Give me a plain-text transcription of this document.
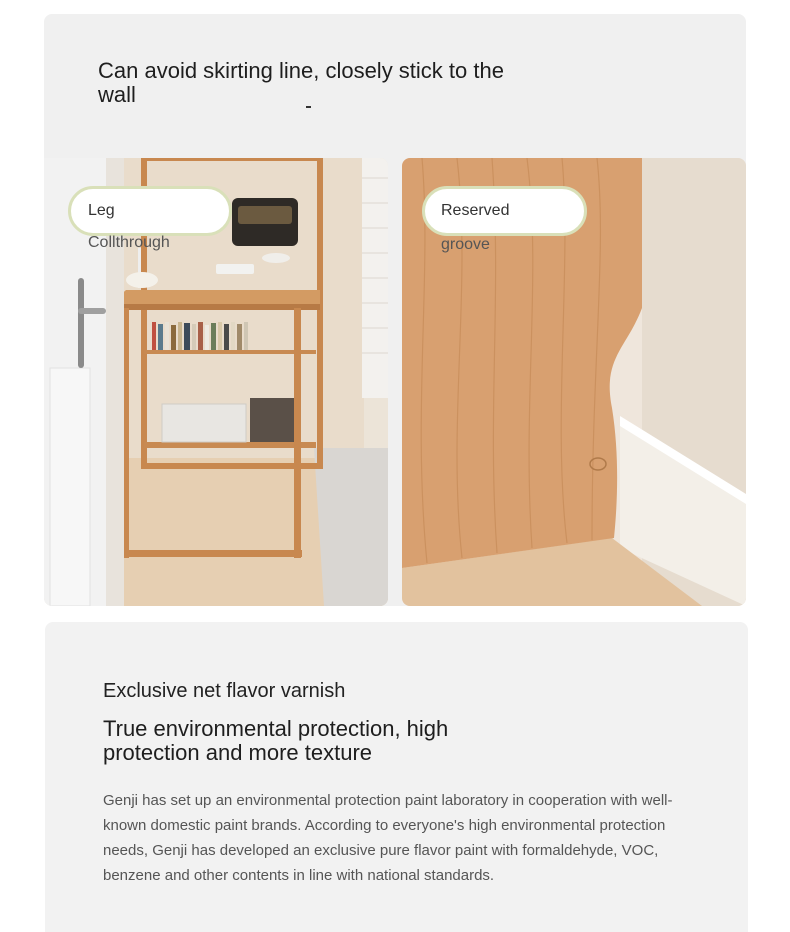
Can avoid skirting line, closely stick to the wall
Leg
Collthrough
Reserved
groove
Exclusive net flavor varnish
True environmental protection, high protection and more texture

Genji has set up an environmental protection paint laboratory in cooperation with well-known domestic paint brands. According to everyone's high environmental protection needs, Genji has developed an exclusive pure flavor paint with formaldehyde, VOC, benzene and other contents in line with national standards.
